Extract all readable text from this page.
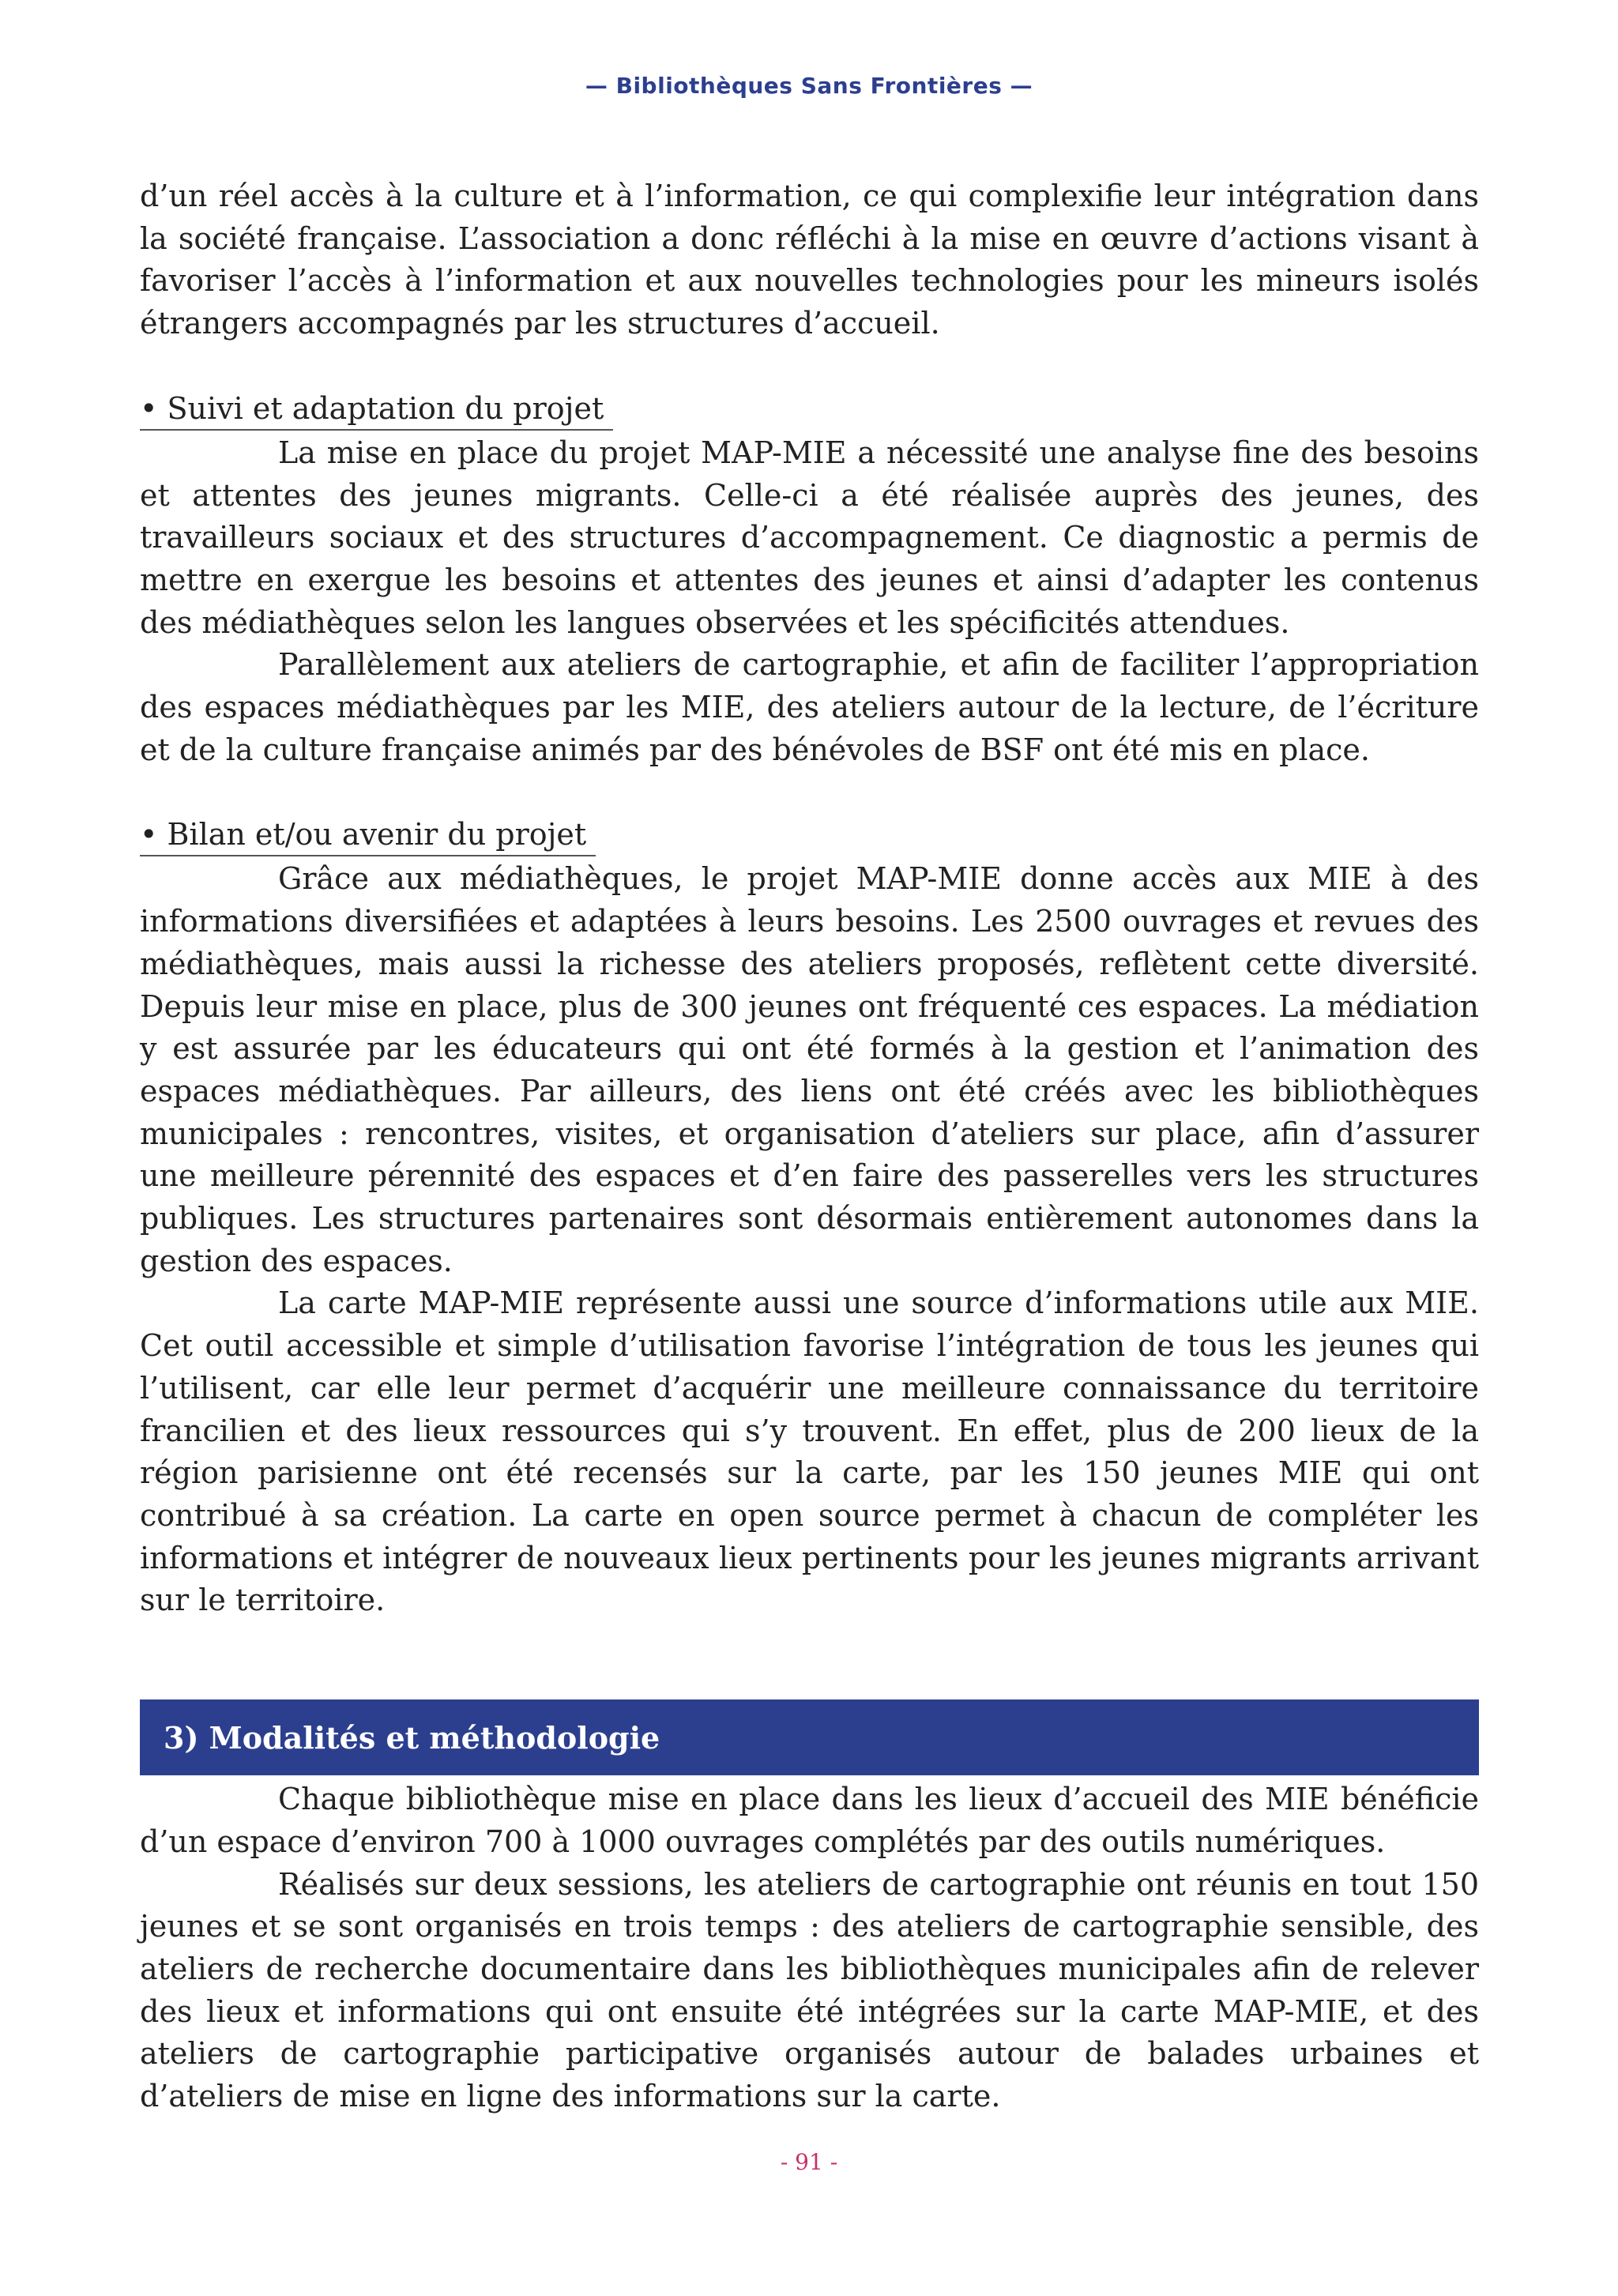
— Bibliothèques Sans Frontières —

d’un réel accès à la culture et à l’information, ce qui complexifie leur intégration dans la société française. L’association a donc réfléchi à la mise en œuvre d’actions visant à favoriser l’accès à l’information et aux nouvelles technologies pour les mineurs isolés étrangers accompagnés par les structures d’accueil.

• Suivi et adaptation du projet

La mise en place du projet MAP-MIE a nécessité une analyse fine des besoins et attentes des jeunes migrants. Celle-ci a été réalisée auprès des jeunes, des travailleurs sociaux et des structures d’accompagnement. Ce diagnostic a permis de mettre en exergue les besoins et attentes des jeunes et ainsi d’adapter les contenus des médiathèques selon les langues observées et les spécificités attendues.

Parallèlement aux ateliers de cartographie, et afin de faciliter l’appropriation des espaces médiathèques par les MIE, des ateliers autour de la lecture, de l’écriture et de la culture française animés par des bénévoles de BSF ont été mis en place.

• Bilan et/ou avenir du projet

Grâce aux médiathèques, le projet MAP-MIE donne accès aux MIE à des informations diversifiées et adaptées à leurs besoins. Les 2500 ouvrages et revues des médiathèques, mais aussi la richesse des ateliers proposés, reflètent cette diversité. Depuis leur mise en place, plus de 300 jeunes ont fréquenté ces espaces. La médiation y est assurée par les éducateurs qui ont été formés à la gestion et l’animation des espaces médiathèques. Par ailleurs, des liens ont été créés avec les bibliothèques municipales : rencontres, visites, et organisation d’ateliers sur place, afin d’assurer une meilleure pérennité des espaces et d’en faire des passerelles vers les structures publiques. Les structures partenaires sont désormais entièrement autonomes dans la gestion des espaces.

La carte MAP-MIE représente aussi une source d’informations utile aux MIE. Cet outil accessible et simple d’utilisation favorise l’intégration de tous les jeunes qui l’utilisent, car elle leur permet d’acquérir une meilleure connaissance du territoire francilien et des lieux ressources qui s’y trouvent. En effet, plus de 200 lieux de la région parisienne ont été recensés sur la carte, par les 150 jeunes MIE qui ont contribué à sa création. La carte en open source permet à chacun de compléter les informations et intégrer de nouveaux lieux pertinents pour les jeunes migrants arrivant sur le territoire.

3) Modalités et méthodologie

Chaque bibliothèque mise en place dans les lieux d’accueil des MIE bénéficie d’un espace d’environ 700 à 1000 ouvrages complétés par des outils numériques.

Réalisés sur deux sessions, les ateliers de cartographie ont réunis en tout 150 jeunes et se sont organisés en trois temps : des ateliers de cartographie sensible, des ateliers de recherche documentaire dans les bibliothèques municipales afin de relever des lieux et informations qui ont ensuite été intégrées sur la carte MAP-MIE, et des ateliers de cartographie participative organisés autour de balades urbaines et d’ateliers de mise en ligne des informations sur la carte.

- 91 -
